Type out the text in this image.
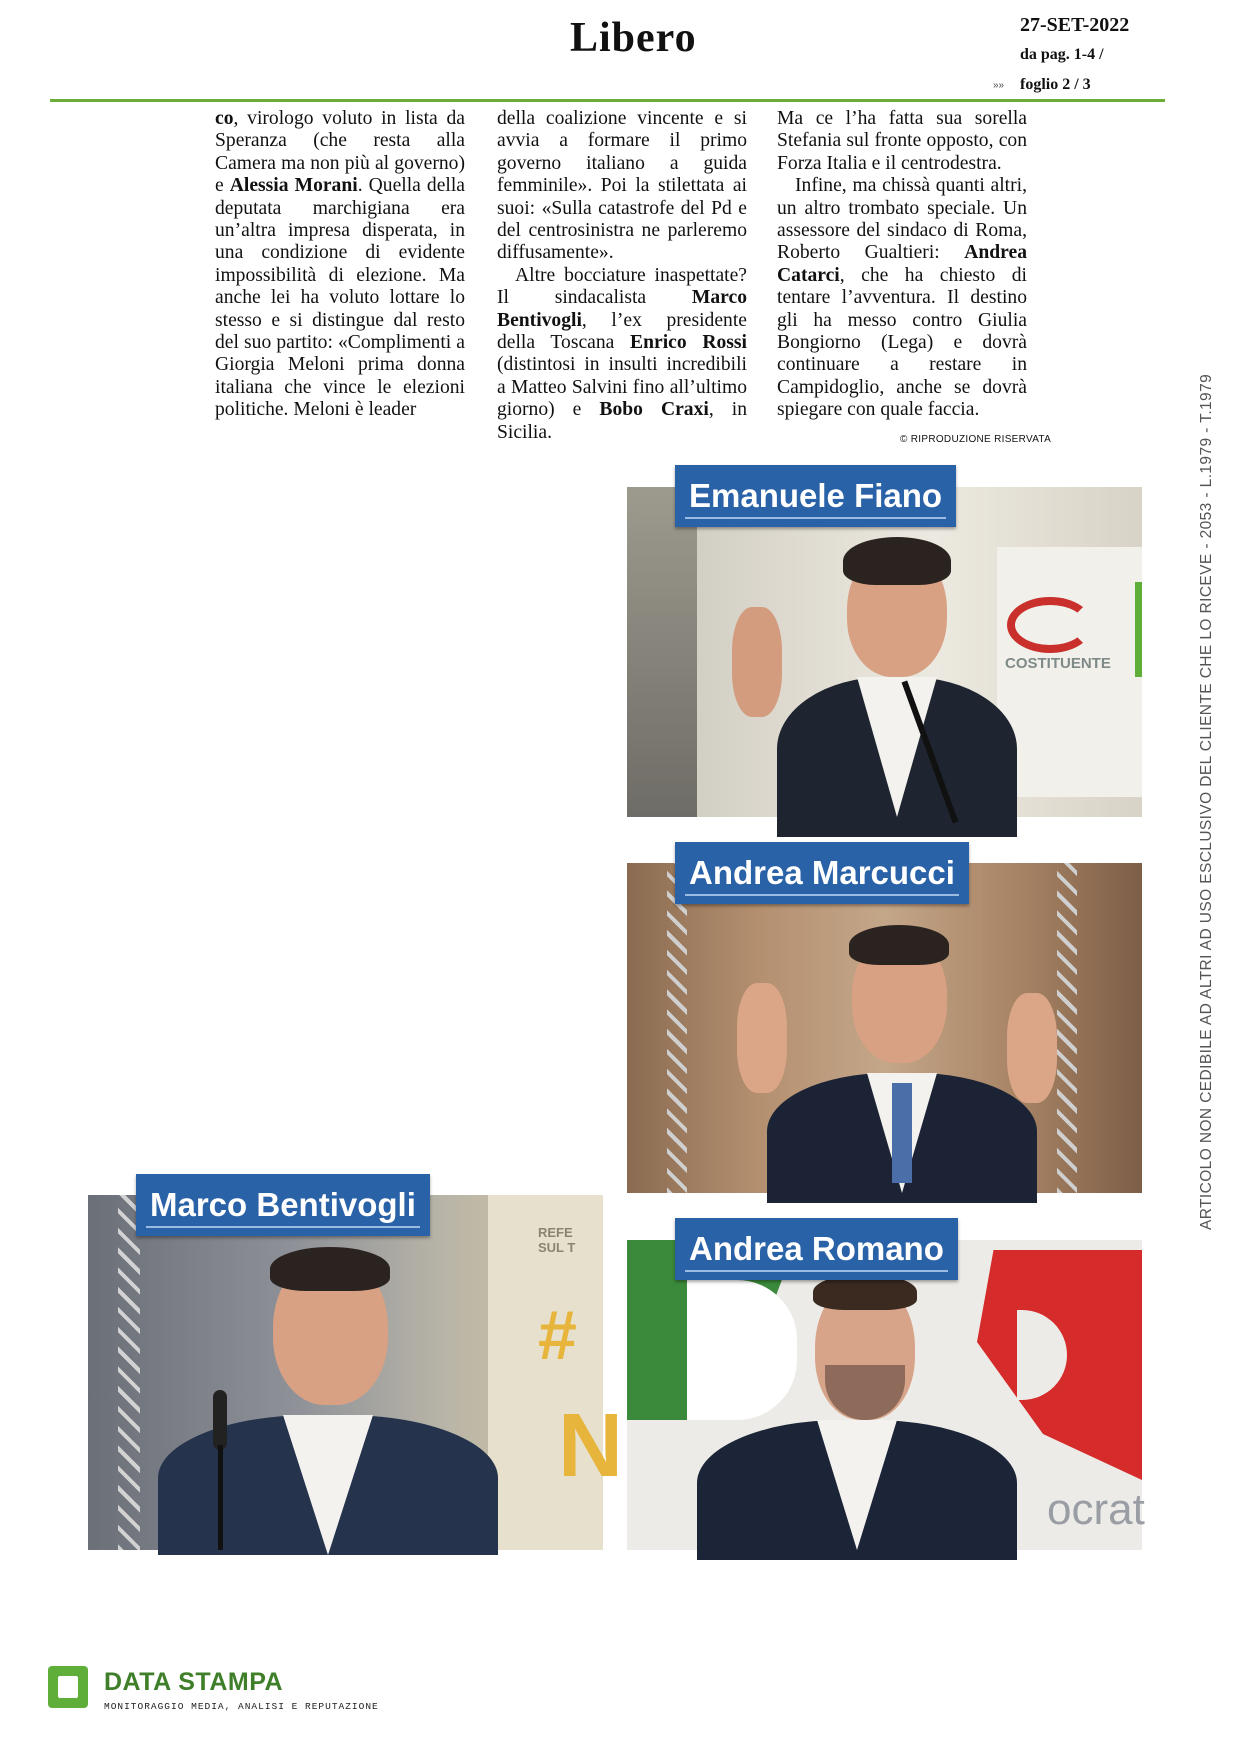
Libero	27-SET-2022
da pag. 1-4 /
»» foglio 2 / 3

co, virologo voluto in lista da Speranza (che resta alla Camera ma non più al governo) e Alessia Morani. Quella della deputata marchigiana era un’altra impresa disperata, in una condizione di evidente impossibilità di elezione. Ma anche lei ha voluto lottare lo stesso e si distingue dal resto del suo partito: «Complimenti a Giorgia Meloni prima donna italiana che vince le elezioni politiche. Meloni è leader

della coalizione vincente e si avvia a formare il primo governo italiano a guida femminile». Poi la stilettata ai suoi: «Sulla catastrofe del Pd e del centrosinistra ne parleremo diffusamente».

Altre bocciature inaspettate? Il sindacalista Marco Bentivogli, l’ex presidente della Toscana Enrico Rossi (distintosi in insulti incredibili a Matteo Salvini fino all’ultimo giorno) e Bobo Craxi, in Sicilia.

Ma ce l’ha fatta sua sorella Stefania sul fronte opposto, con Forza Italia e il centrodestra.

Infine, ma chissà quanti altri, un altro trombato speciale. Un assessore del sindaco di Roma, Roberto Gualtieri: Andrea Catarci, che ha chiesto di tentare l’avventura. Il destino gli ha messo contro Giulia Bongiorno (Lega) e dovrà continuare a restare in Campidoglio, anche se dovrà spiegare con quale faccia.

© RIPRODUZIONE RISERVATA
COSTITUENTE
Emanuele Fiano
Andrea Marcucci
REFE SUL T
#
N
Marco Bentivogli
ocrat
Andrea Romano
ARTICOLO NON CEDIBILE AD ALTRI AD USO ESCLUSIVO DEL CLIENTE CHE LO RICEVE - 2053 - L.1979 - T.1979
DATA STAMPA
MONITORAGGIO MEDIA, ANALISI E REPUTAZIONE
